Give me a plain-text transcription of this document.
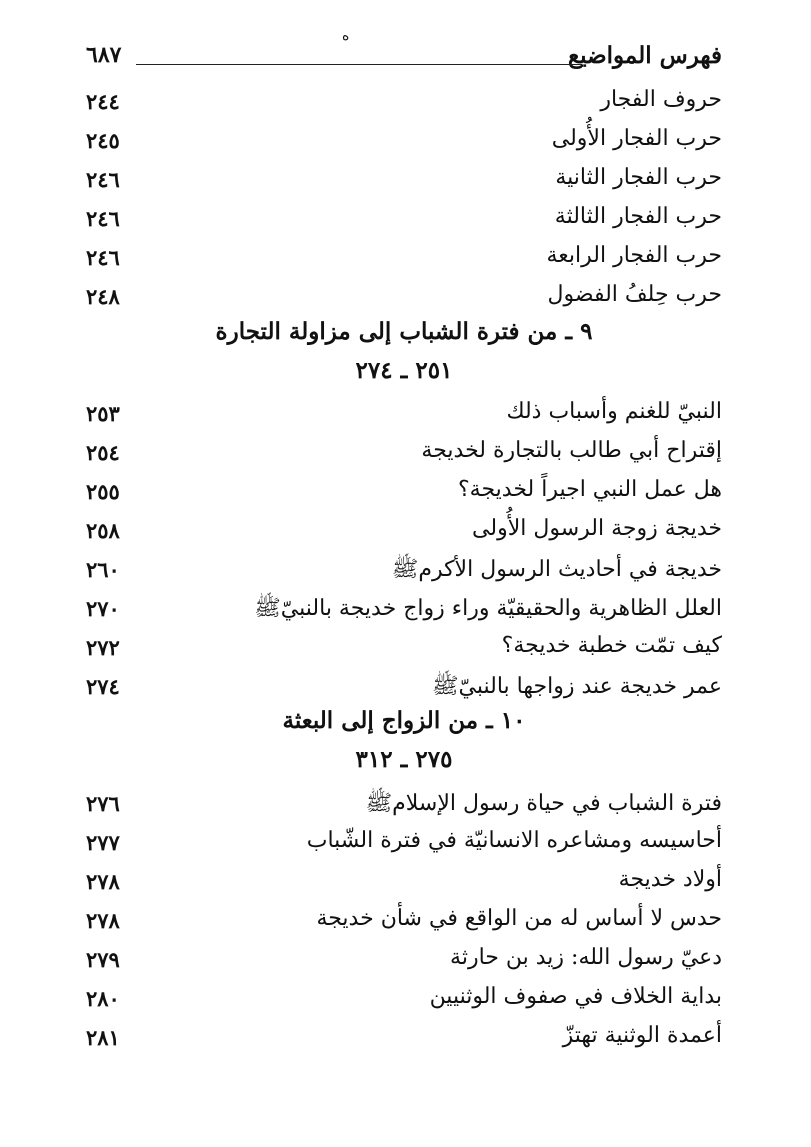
ه
فهرس المواضيع
٦٨٧
حروف الفجار
٢٤٤
حرب الفجار الأُولى
٢٤٥
حرب الفجار الثانية
٢٤٦
حرب الفجار الثالثة
٢٤٦
حرب الفجار الرابعة
٢٤٦
حرب حِلفُ الفضول
٢٤٨
٩ ـ من فترة الشباب إلى مزاولة التجارة
٢٥١ ـ ٢٧٤
النبيّ للغنم وأسباب ذلك
٢٥٣
إقتراح أبي طالب بالتجارة لخديجة
٢٥٤
هل عمل النبي اجيراً لخديجة؟
٢٥٥
خديجة زوجة الرسول الأُولى
٢٥٨
خديجة في أحاديث الرسول الأكرمﷺ
٢٦٠
العلل الظاهرية والحقيقيّة وراء زواج خديجة بالنبيّﷺ
٢٧٠
كيف تمّت خطبة خديجة؟
٢٧٢
عمر خديجة عند زواجها بالنبيّﷺ
٢٧٤
١٠ ـ من الزواج إلى البعثة
٢٧٥ ـ ٣١٢
فترة الشباب في حياة رسول الإسلامﷺ
٢٧٦
أحاسيسه ومشاعره الانسانيّة في فترة الشّباب
٢٧٧
أولاد خديجة
٢٧٨
حدس لا أساس له من الواقع في شأن خديجة
٢٧٨
دعيّ رسول الله: زيد بن حارثة
٢٧٩
بداية الخلاف في صفوف الوثنيين
٢٨٠
أعمدة الوثنية تهتزّ
٢٨١
